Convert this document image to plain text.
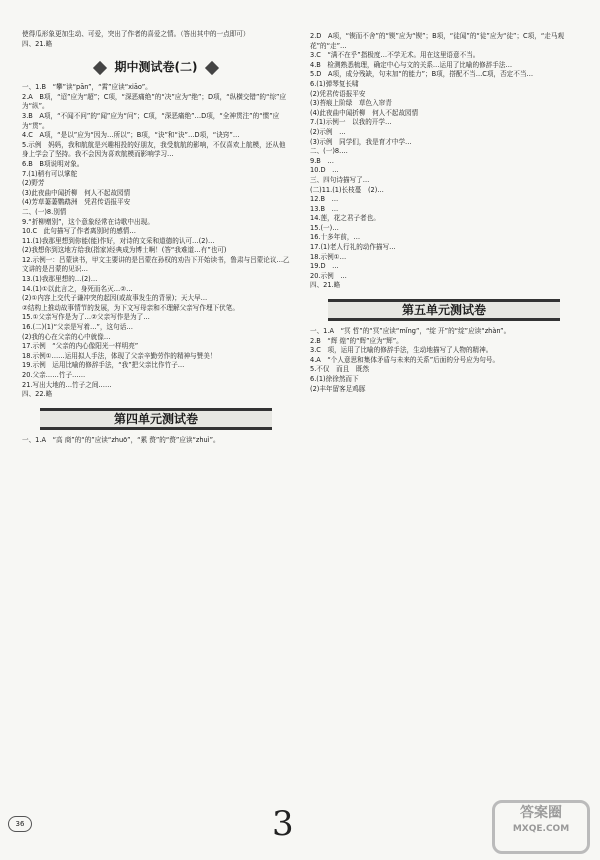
使得瓜形象更加生动、可爱，突出了作者的喜爱之情。（答出其中的一点即可）

四、21.略

期中测试卷(二)

一、1.B　“攀”读“pān”，“霄”应读“xiāo”。

2.A　B项，“迢”应为“超”；C项，“深恶痛绝”的“决”应为“绝”；D项，“纵横交错”的“综”应为“纵”。

3.B　A项，“不闻不问”的“闻”应为“问”；C项，“深恶痛绝”…D项，“全神贯注”的“惯”应为“贯”。

4.C　A项，“是以”应为“因为…所以”；B项，“诀”和“诀”…D项，“诀窍”…

5.示例　妈妈，我和航航是兴趣相投的好朋友，我受航航的影响，不仅喜欢上航模，还从他身上学会了坚持。我不会因为喜欢航模而影响学习…

6.B　B项说明对象。

7.(1)稍有可以掌舵

(2)野芳

(3)此夜曲中闻折柳　何人不起故园情

(4)芳草萋萋鹦鹉洲　凭君传语报平安

二、(一)8.别情

9.“折柳赠别”，这个意象经常在诗歌中出现。

10.C　此句描写了作者离别时的感情…

11.(1)我那里想到你能(能)作好，对诗的文采和道德的认可…(2)…

(2)我想你到这地方给我(指家)经典成为博士啊！(答“我难道…有”也可)

12.示例一：吕蒙读书，甲文主要讲的是吕蒙在孙权的劝告下开始读书，鲁肃与吕蒙论议…乙文讲的是吕蒙的见识…

13.(1)我那里想的…(2)…

14.(1)①以此言之，身死而名灭…②…

(2)①内容上交代子谦冲突的起因(或故事发生的背景)；天大早…

②结构上推动故事情节的发展，为下文写母亲和不理解父亲写作埋下伏笔。

15.①父亲写作是为了…②父亲写作是为了…

16.(二)(1)“父亲是写着…”，这句话…

(2)我的心在父亲的心中就像…

17.示例　“父亲的内心像阳光一样明亮”

18.示例①……运用拟人手法，体现了父亲辛勤劳作的精神与赞美！

19.示例　运用比喻的修辞手法，“我”把父亲比作竹子…

20.父亲……竹子……

21.写出大地的…竹子之间……

四、22.略

第四单元测试卷

一、1.A　“高 商”的“的”应读“zhuō”，“累 赘”的“赘”应读“zhuì”。

2.D　A项，“锲而不舍”的“锲”应为“锲”；B项，“徒闻”的“徒”应为“徒”；C项，“走马观花”的“走”…

3.C　“满不在乎”指极度…不学无术。用在这里语意不当。

4.B　检测熟悉梳理，确定中心与文的关系…运用了比喻的修辞手法…

5.D　A项，成分残缺，句末加“的能力”；B项，搭配不当…C项，否定不当…

6.(1)弹琴复长啸

(2)凭君传语报平安

(3)苔痕上阶绿　草色入帘青

(4)此夜曲中闻折柳　何人不起故园情

7.(1)示例一　以我的开学…

(2)示例　…

(3)示例　同学们，我是育才中学…

二、(一)8.…

9.B　…

10.D　…

三、四句诗描写了…

(二)11.(1)长枝蔓　(2)…

12.B　…

13.B　…

14.莲，花之君子者也。

15.(一)…

16.十多年前，…

17.(1)老人行礼的动作描写…

18.示例①…

19.D　…

20.示例　…

四、21.略

第五单元测试卷

一、1.A　“冥 哲”的“冥”应读“mǐng”，“绽 开”的“绽”应读“zhàn”。

2.B　“辉 煌”的“辉”应为“辉”。

3.C　项，运用了比喻的修辞手法，生动地描写了人物的精神。

4.A　“个人意思和集体矛盾与未来的关系”后面的分号应为句号。

5.不仅　而且　既然

6.(1)徐徐然而下

(2)丰年留客足鸡豚

36	3	答案圈
MXQE.COM
